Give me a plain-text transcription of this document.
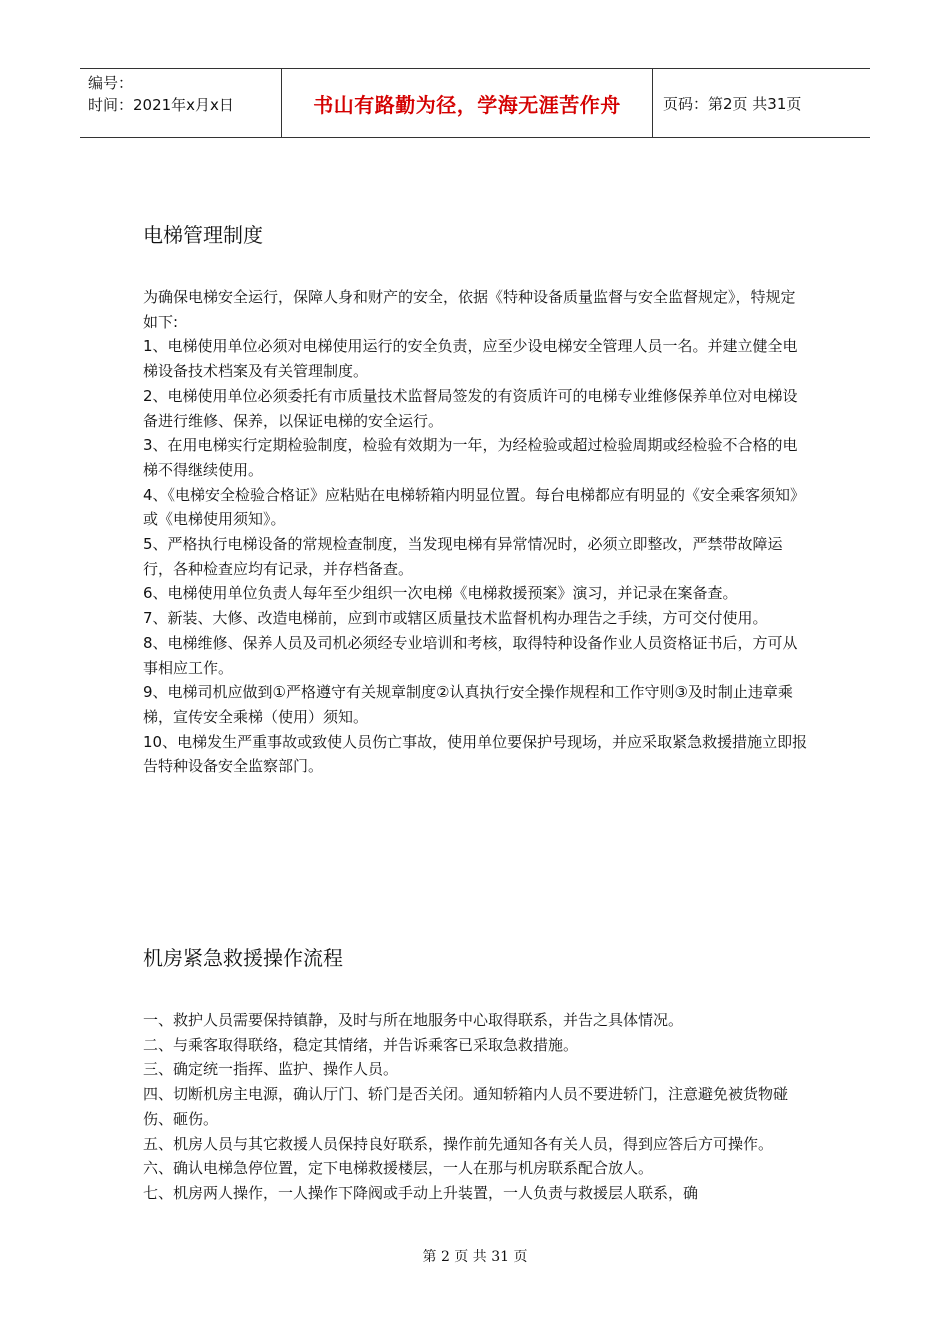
编号：
时间：2021年x月x日	书山有路勤为径，学海无涯苦作舟	页码：第2页 共31页
电梯管理制度

为确保电梯安全运行，保障人身和财产的安全，依据《特种设备质量监督与安全监督规定》，特规定如下:

1、电梯使用单位必须对电梯使用运行的安全负责，应至少设电梯安全管理人员一名。并建立健全电梯设备技术档案及有关管理制度。

2、电梯使用单位必须委托有市质量技术监督局签发的有资质许可的电梯专业维修保养单位对电梯设备进行维修、保养，以保证电梯的安全运行。

3、在用电梯实行定期检验制度，检验有效期为一年，为经检验或超过检验周期或经检验不合格的电梯不得继续使用。

4、《电梯安全检验合格证》应粘贴在电梯轿箱内明显位置。每台电梯都应有明显的《安全乘客须知》或《电梯使用须知》。

5、严格执行电梯设备的常规检查制度，当发现电梯有异常情况时，必须立即整改，严禁带故障运行，各种检查应均有记录，并存档备查。

6、电梯使用单位负责人每年至少组织一次电梯《电梯救援预案》演习，并记录在案备查。

7、新装、大修、改造电梯前，应到市或辖区质量技术监督机构办理告之手续，方可交付使用。

8、电梯维修、保养人员及司机必须经专业培训和考核，取得特种设备作业人员资格证书后，方可从事相应工作。

9、电梯司机应做到①严格遵守有关规章制度②认真执行安全操作规程和工作守则③及时制止违章乘梯，宣传安全乘梯（使用）须知。

10、电梯发生严重事故或致使人员伤亡事故，使用单位要保护号现场，并应采取紧急救援措施立即报告特种设备安全监察部门。

机房紧急救援操作流程

一、救护人员需要保持镇静，及时与所在地服务中心取得联系，并告之具体情况。

二、与乘客取得联络，稳定其情绪，并告诉乘客已采取急救措施。

三、确定统一指挥、监护、操作人员。

四、切断机房主电源，确认厅门、轿门是否关闭。通知轿箱内人员不要进轿门，注意避免被货物碰伤、砸伤。

五、机房人员与其它救援人员保持良好联系，操作前先通知各有关人员，得到应答后方可操作。

六、确认电梯急停位置，定下电梯救援楼层，一人在那与机房联系配合放人。

七、机房两人操作，一人操作下降阀或手动上升装置，一人负责与救援层人联系，确

第 2 页 共 31 页
